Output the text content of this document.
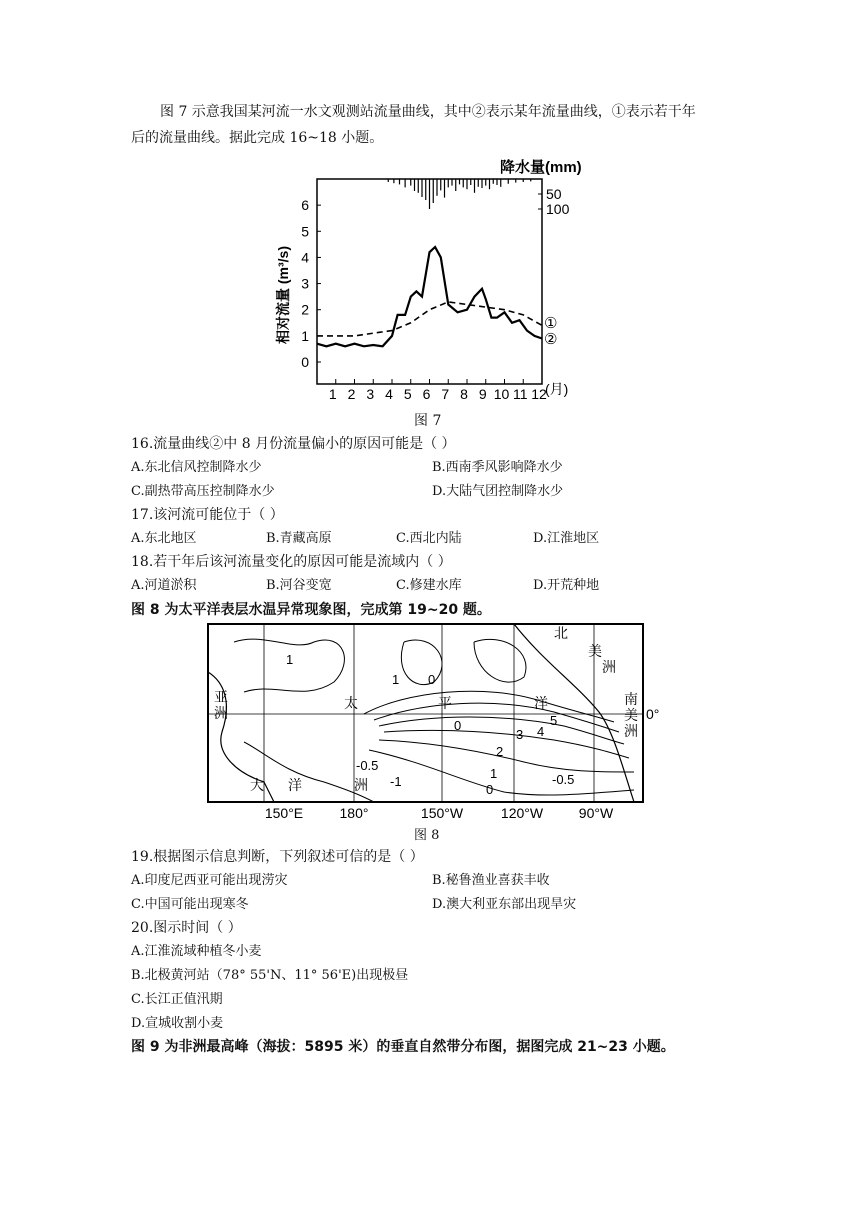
图 7 示意我国某河流一水文观测站流量曲线，其中②表示某年流量曲线，①表示若干年
后的流量曲线。据此完成 16~18 小题。
降水量(mm)
相对流量 (m³/s)
0
1
2
3
4
5
6
1 2 3 4 5 6 7 8 9 10 11 12
50
100
(月)
①
②
图 7
16.流量曲线②中 8 月份流量偏小的原因可能是（ ）
A.东北信风控制降水少	B.西南季风影响降水少
C.副热带高压控制降水少	D.大陆气团控制降水少
17.该河流可能位于（ ）
A.东北地区	B.青藏高原	C.西北内陆	D.江淮地区
18.若干年后该河流量变化的原因可能是流域内（ ）
A.河道淤积	B.河谷变宽	C.修建水库	D.开荒种地
图 8 为太平洋表层水温异常现象图，完成第 19~20 题。
1
1 0
0
2
3 4
5
-0.5
-1	-0.5
1
0
亚
洲
大 洋	洲
太	平	洋
北
美
洲
南
美
洲
0°
150°E	180°	150°W	120°W	90°W
图 8
19.根据图示信息判断，下列叙述可信的是（ ）
A.印度尼西亚可能出现涝灾	B.秘鲁渔业喜获丰收
C.中国可能出现寒冬	D.澳大利亚东部出现旱灾
20.图示时间（ ）
A.江淮流域种植冬小麦
B.北极黄河站（78° 55'N、11° 56'E)出现极昼
C.长江正值汛期
D.宣城收割小麦
图 9 为非洲最高峰（海拔：5895 米）的垂直自然带分布图，据图完成 21~23 小题。
